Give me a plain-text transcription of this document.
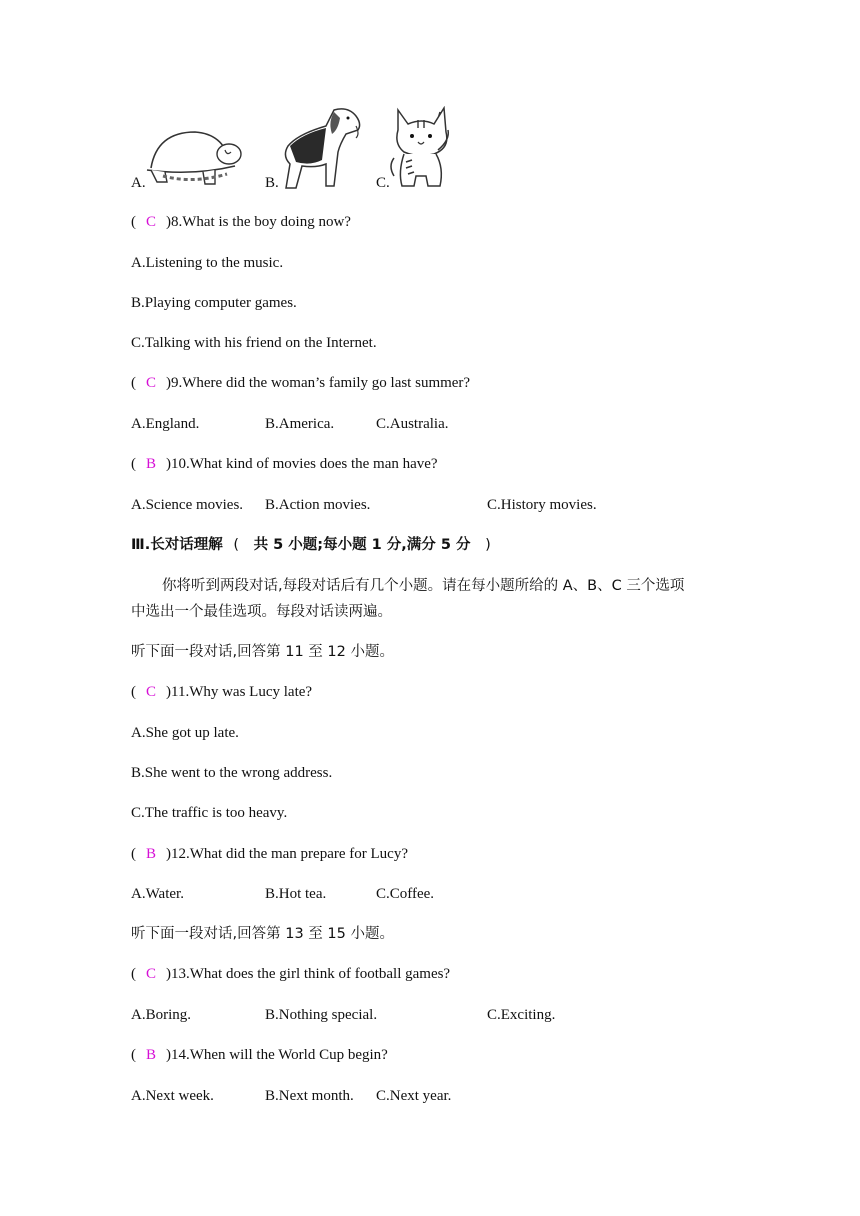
A.	B.	C.
( C )8.What is the boy doing now?
A.Listening to the music.
B.Playing computer games.
C.Talking with his friend on the Internet.
( C )9.Where did the woman’s family go last summer?
A.England.	B.America.	C.Australia.
( B )10.What kind of movies does the man have?
A.Science movies. B.Action movies.	C.History movies.
Ⅲ.长对话理解 ( 共 5 小题;每小题 1 分,满分 5 分 )
你将听到两段对话,每段对话后有几个小题。请在每小题所给的 A、B、C 三个选项
中选出一个最佳选项。每段对话读两遍。
听下面一段对话,回答第 11 至 12 小题。
( C )11.Why was Lucy late?
A.She got up late.
B.She went to the wrong address.
C.The traffic is too heavy.
( B )12.What did the man prepare for Lucy?
A.Water.	B.Hot tea.	C.Coffee.
听下面一段对话,回答第 13 至 15 小题。
( C )13.What does the girl think of football games?
A.Boring.	B.Nothing special.	C.Exciting.
( B )14.When will the World Cup begin?
A.Next week.	B.Next month. C.Next year.
